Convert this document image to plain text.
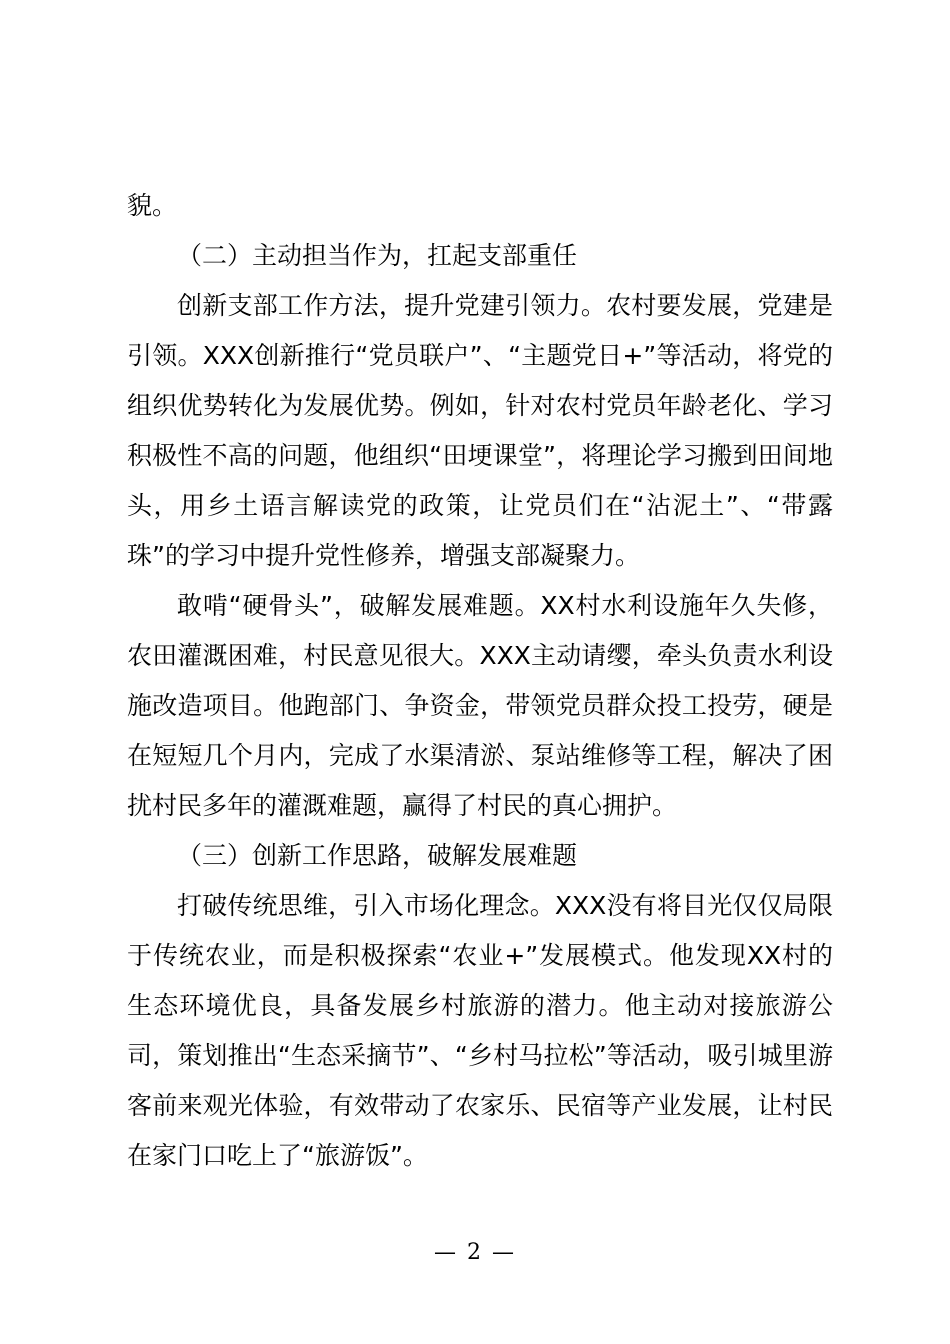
貌。

（二）主动担当作为，扛起支部重任

创新支部工作方法，提升党建引领力。农村要发展，党建是引领。XXX创新推行“党员联户”、“主题党日+”等活动，将党的组织优势转化为发展优势。例如，针对农村党员年龄老化、学习积极性不高的问题，他组织“田埂课堂”，将理论学习搬到田间地头，用乡土语言解读党的政策，让党员们在“沾泥土”、“带露珠”的学习中提升党性修养，增强支部凝聚力。

敢啃“硬骨头”，破解发展难题。XX村水利设施年久失修，农田灌溉困难，村民意见很大。XXX主动请缨，牵头负责水利设施改造项目。他跑部门、争资金，带领党员群众投工投劳，硬是在短短几个月内，完成了水渠清淤、泵站维修等工程，解决了困扰村民多年的灌溉难题，赢得了村民的真心拥护。

（三）创新工作思路，破解发展难题

打破传统思维，引入市场化理念。XXX没有将目光仅仅局限于传统农业，而是积极探索“农业+”发展模式。他发现XX村的生态环境优良，具备发展乡村旅游的潜力。他主动对接旅游公司，策划推出“生态采摘节”、“乡村马拉松”等活动，吸引城里游客前来观光体验，有效带动了农家乐、民宿等产业发展，让村民在家门口吃上了“旅游饭”。

— 2 —
